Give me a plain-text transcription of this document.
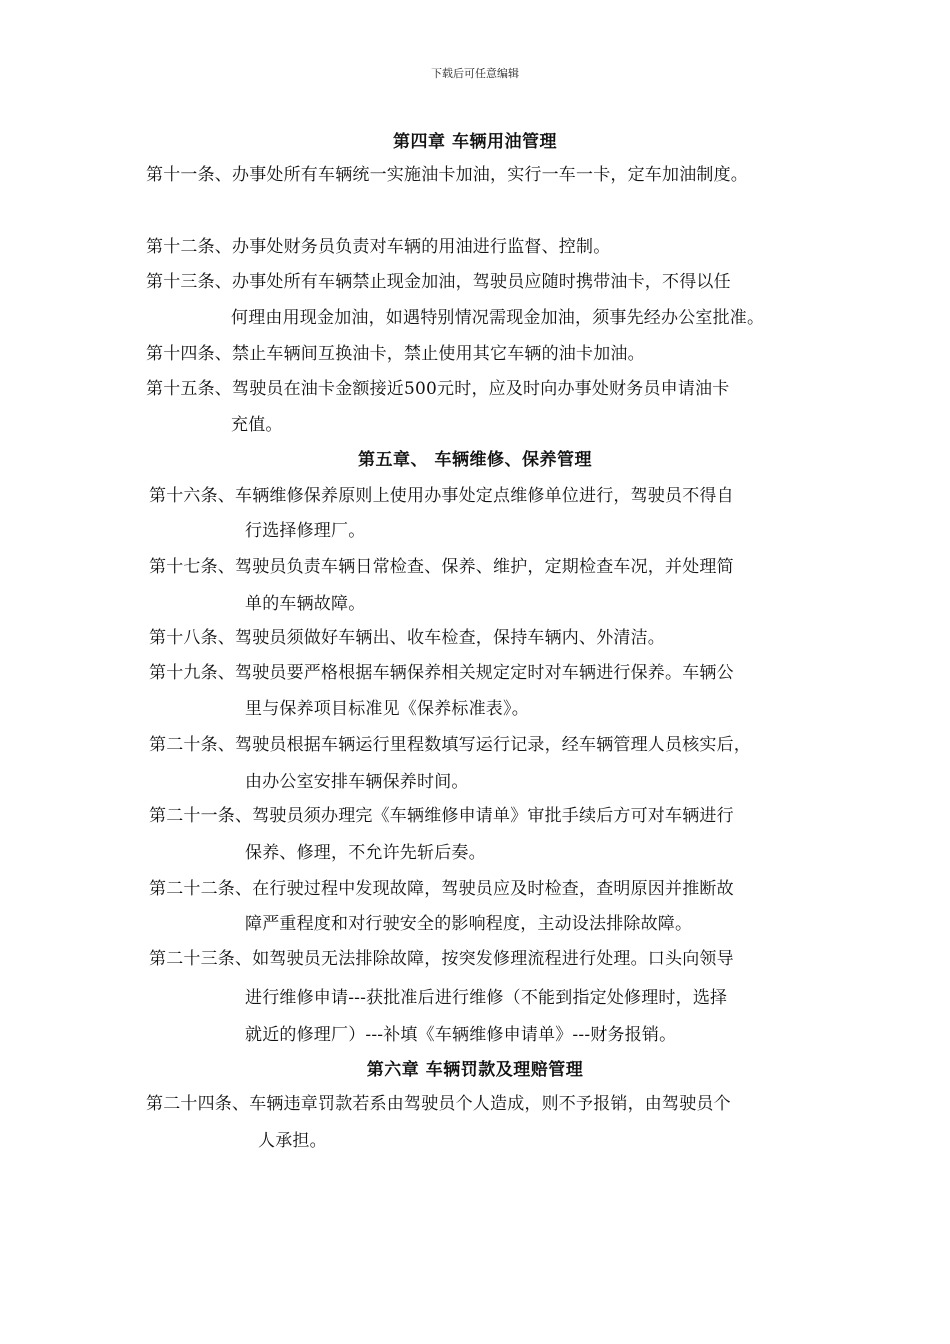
下载后可任意编辑
第四章 车辆用油管理
第十一条、办事处所有车辆统一实施油卡加油，实行一车一卡，定车加油制度。
第十二条、办事处财务员负责对车辆的用油进行监督、控制。
第十三条、办事处所有车辆禁止现金加油，驾驶员应随时携带油卡，不得以任
何理由用现金加油，如遇特别情况需现金加油，须事先经办公室批准。
第十四条、禁止车辆间互换油卡，禁止使用其它车辆的油卡加油。
第十五条、驾驶员在油卡金额接近500元时，应及时向办事处财务员申请油卡
充值。
第五章、 车辆维修、保养管理
第十六条、车辆维修保养原则上使用办事处定点维修单位进行，驾驶员不得自
行选择修理厂。
第十七条、驾驶员负责车辆日常检查、保养、维护，定期检查车况，并处理简
单的车辆故障。
第十八条、驾驶员须做好车辆出、收车检查，保持车辆内、外清洁。
第十九条、驾驶员要严格根据车辆保养相关规定定时对车辆进行保养。车辆公
里与保养项目标准见《保养标准表》。
第二十条、驾驶员根据车辆运行里程数填写运行记录，经车辆管理人员核实后，
由办公室安排车辆保养时间。
第二十一条、驾驶员须办理完《车辆维修申请单》审批手续后方可对车辆进行
保养、修理，不允许先斩后奏。
第二十二条、在行驶过程中发现故障，驾驶员应及时检查，查明原因并推断故
障严重程度和对行驶安全的影响程度，主动设法排除故障。
第二十三条、如驾驶员无法排除故障，按突发修理流程进行处理。口头向领导
进行维修申请---获批准后进行维修（不能到指定处修理时，选择
就近的修理厂）---补填《车辆维修申请单》---财务报销。
第六章 车辆罚款及理赔管理
第二十四条、车辆违章罚款若系由驾驶员个人造成，则不予报销，由驾驶员个
人承担。
